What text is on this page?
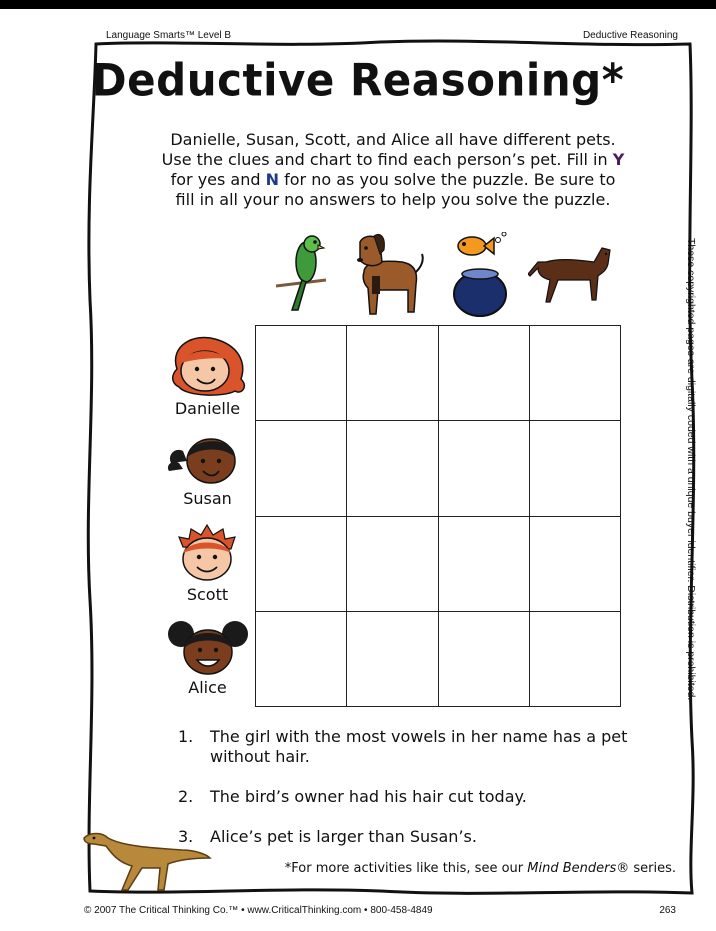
Language Smarts™ Level B	Deductive Reasoning
Deductive Reasoning*
Danielle, Susan, Scott, and Alice all have different pets.
Use the clues and chart to find each person’s pet. Fill in Y
for yes and N for no as you solve the puzzle. Be sure to
fill in all your no answers to help you solve the puzzle.

Danielle
Susan
Scott
Alice
1.	The girl with the most vowels in her name has a pet without hair.
2.	The bird’s owner had his hair cut today.
3.	Alice’s pet is larger than Susan’s.
*For more activities like this, see our Mind Benders® series.
© 2007 The Critical Thinking Co.™ • www.CriticalThinking.com • 800-458-4849	263
These copyrighted pages are digitally coded with a unique buyer identifier. Distribution is prohibited.
